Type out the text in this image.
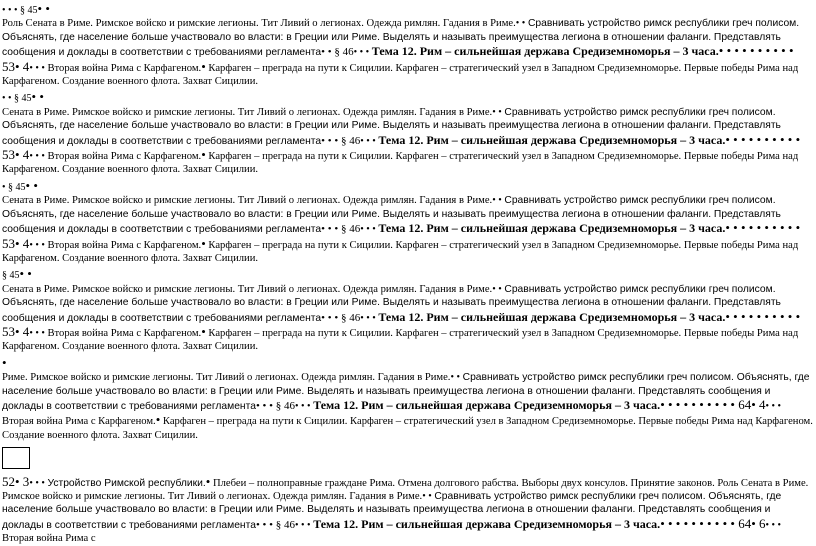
• • • § 45• •
Роль Сената в Риме. Римское войско и римские легионы. Тит Ливий о легионах. Одежда римлян. Гадания в Риме.• • Сравнивать устройство римск республики греч полисом. Объяснять, где население больше участвовало во власти: в Греции или Риме. Выделять и называть преимущества легиона в отношении фаланги. Представлять сообщения и доклады в соответствии с требованиями регламента• • § 46• • • Тема 12. Рим – сильнейшая держава Средиземноморья – 3 часа.• • • • • • • • • • 53• 4• • • Вторая война Рима с Карфагеном.• Карфаген – преграда на пути к Сицилии. Карфаген – стратегический узел в Западном Средиземноморье. Первые победы Рима над Карфагеном. Создание военного флота. Захват Сицилии.
• • § 45• •
Сената в Риме. Римское войско и римские легионы. Тит Ливий о легионах. Одежда римлян. Гадания в Риме.• • Сравнивать устройство римск республики греч полисом. Объяснять, где население больше участвовало во власти: в Греции или Риме. Выделять и называть преимущества легиона в отношении фаланги. Представлять сообщения и доклады в соответствии с требованиями регламента• • • § 46• • • Тема 12. Рим – сильнейшая держава Средиземноморья – 3 часа.• • • • • • • • • • 53• 4• • • Вторая война Рима с Карфагеном.• Карфаген – преграда на пути к Сицилии. Карфаген – стратегический узел в Западном Средиземноморье. Первые победы Рима над Карфагеном. Создание военного флота. Захват Сицилии.
• § 45• •
Сената в Риме. Римское войско и римские легионы. Тит Ливий о легионах. Одежда римлян. Гадания в Риме.• • Сравнивать устройство римск республики греч полисом. Объяснять, где население больше участвовало во власти: в Греции или Риме. Выделять и называть преимущества легиона в отношении фаланги. Представлять сообщения и доклады в соответствии с требованиями регламента• • • § 46• • • Тема 12. Рим – сильнейшая держава Средиземноморья – 3 часа.• • • • • • • • • • 53• 4• • • Вторая война Рима с Карфагеном.• Карфаген – преграда на пути к Сицилии. Карфаген – стратегический узел в Западном Средиземноморье. Первые победы Рима над Карфагеном. Создание военного флота. Захват Сицилии.
§ 45• •
Сената в Риме. Римское войско и римские легионы. Тит Ливий о легионах. Одежда римлян. Гадания в Риме.• • Сравнивать устройство римск республики греч полисом. Объяснять, где население больше участвовало во власти: в Греции или Риме. Выделять и называть преимущества легиона в отношении фаланги. Представлять сообщения и доклады в соответствии с требованиями регламента• • • § 46• • • Тема 12. Рим – сильнейшая держава Средиземноморья – 3 часа.• • • • • • • • • • 53• 4• • • Вторая война Рима с Карфагеном.• Карфаген – преграда на пути к Сицилии. Карфаген – стратегический узел в Западном Средиземноморье. Первые победы Рима над Карфагеном. Создание военного флота. Захват Сицилии.
•
Риме. Римское войско и римские легионы. Тит Ливий о легионах. Одежда римлян. Гадания в Риме.• • Сравнивать устройство римск республики греч полисом. Объяснять, где население больше участвовало во власти: в Греции или Риме. Выделять и называть преимущества легиона в отношении фаланги. Представлять сообщения и доклады в соответствии с требованиями регламента• • • § 46• • • Тема 12. Рим – сильнейшая держава Средиземноморья – 3 часа.• • • • • • • • • • 64• 4• • • Вторая война Рима с Карфагеном.• Карфаген – преграда на пути к Сицилии. Карфаген – стратегический узел в Западном Средиземноморье. Первые победы Рима над Карфагеном. Создание военного флота. Захват Сицилии.
52• 3• • • Устройство Римской республики.• Плебеи – полноправные граждане Рима. Отмена долгового рабства. Выборы двух консулов. Принятие законов. Роль Сената в Риме. Римское войско и римские легионы. Тит Ливий о легионах. Одежда римлян. Гадания в Риме.• • Сравнивать устройство римск республики греч полисом. Объяснять, где население больше участвовало во власти: в Греции или Риме. Выделять и называть преимущества легиона в отношении фаланги. Представлять сообщения и доклады в соответствии с требованиями регламента• • • § 46• • • Тема 12. Рим – сильнейшая держава Средиземноморья – 3 часа.• • • • • • • • • • 64• 6• • • Вторая война Рима с
